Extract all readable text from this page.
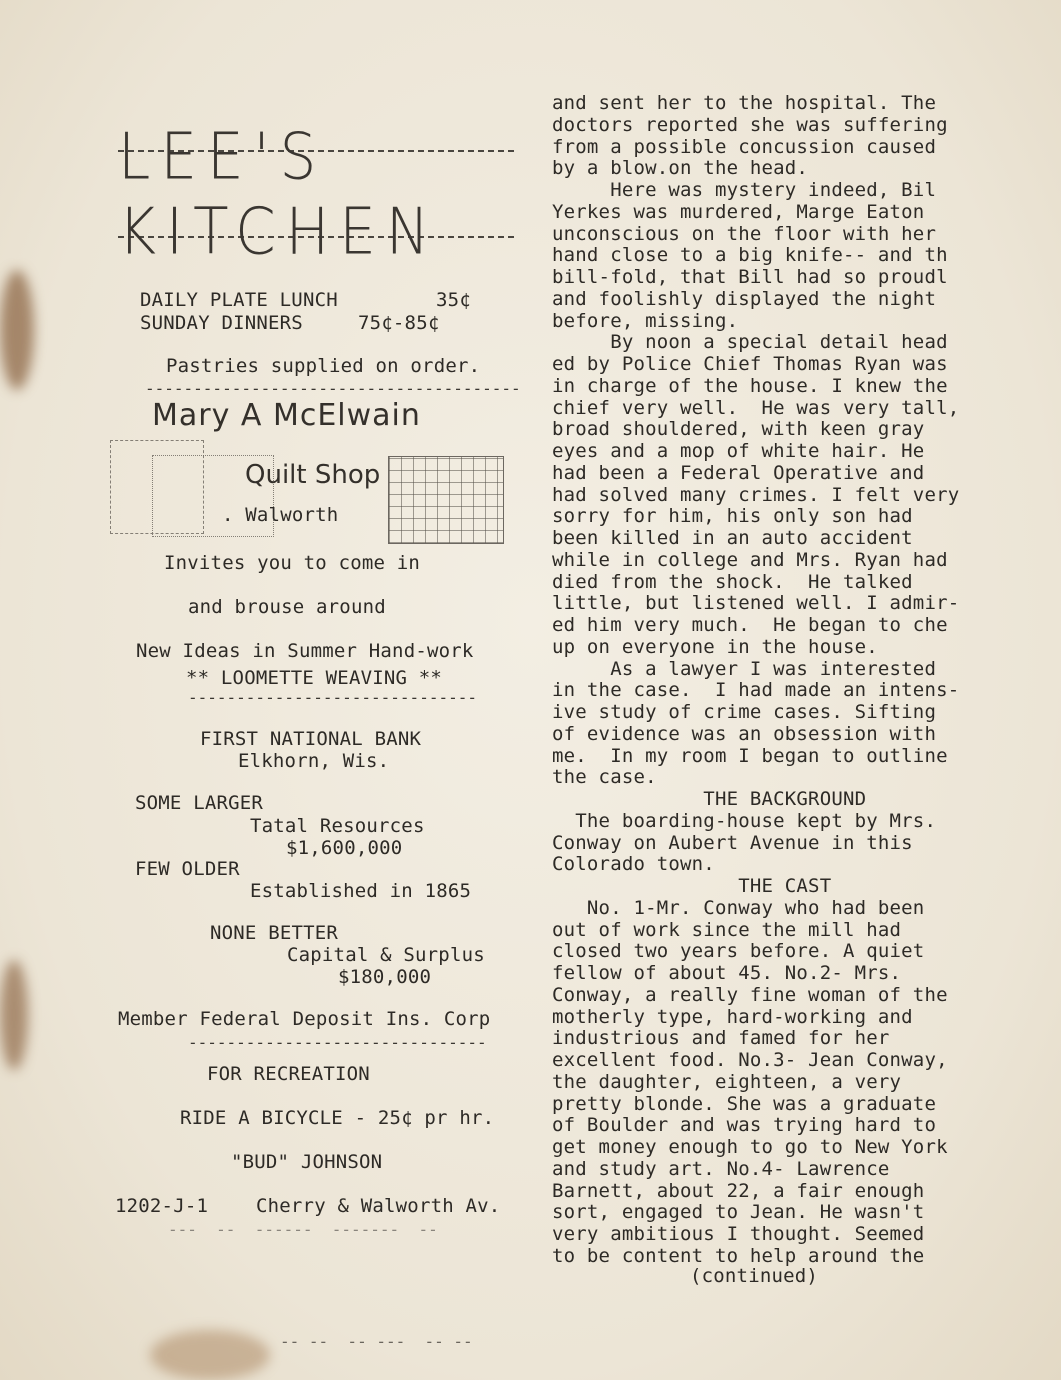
LEE'S KITCHEN
DAILY PLATE LUNCH	35¢
SUNDAY DINNERS	75¢-85¢
Pastries supplied on order.
---------------------------------------
Mary A McElwain
Quilt Shop
. Walworth
Invites you to come in
and brouse around
New Ideas in Summer Hand-work
** LOOMETTE WEAVING **
------------------------------
FIRST NATIONAL BANK
Elkhorn, Wis.
SOME LARGER
Tatal Resources
$1,600,000
FEW OLDER
Established in 1865
NONE BETTER
Capital & Surplus
$180,000
Member Federal Deposit Ins. Corp
-------------------------------
FOR RECREATION
RIDE A BICYCLE - 25¢ pr hr.
"BUD" JOHNSON
1202-J-1	Cherry & Walworth Av.
---  --  ------  -------  --
and sent her to the hospital. The
doctors reported she was suffering
from a possible concussion caused
by a blow.on the head.
Here was mystery indeed, Bil
Yerkes was murdered, Marge Eaton
unconscious on the floor with her
hand close to a big knife-- and th
bill-fold, that Bill had so proudl
and foolishly displayed the night
before, missing.
By noon a special detail head
ed by Police Chief Thomas Ryan was
in charge of the house. I knew the
chief very well.  He was very tall,
broad shouldered, with keen gray
eyes and a mop of white hair. He
had been a Federal Operative and
had solved many crimes. I felt very
sorry for him, his only son had
been killed in an auto accident
while in college and Mrs. Ryan had
died from the shock.  He talked
little, but listened well. I admir-
ed him very much.  He began to che
up on everyone in the house.
As a lawyer I was interested
in the case.  I had made an intens-
ive study of crime cases. Sifting
of evidence was an obsession with
me.  In my room I began to outline
the case.
THE BACKGROUND
The boarding-house kept by Mrs.
Conway on Aubert Avenue in this
Colorado town.
THE CAST
No. 1-Mr. Conway who had been
out of work since the mill had
closed two years before. A quiet
fellow of about 45. No.2- Mrs.
Conway, a really fine woman of the
motherly type, hard-working and
industrious and famed for her
excellent food. No.3- Jean Conway,
the daughter, eighteen, a very
pretty blonde. She was a graduate
of Boulder and was trying hard to
get money enough to go to New York
and study art. No.4- Lawrence
Barnett, about 22, a fair enough
sort, engaged to Jean. He wasn't
very ambitious I thought. Seemed
to be content to help around the
(continued)
-- --  -- ---  -- --
